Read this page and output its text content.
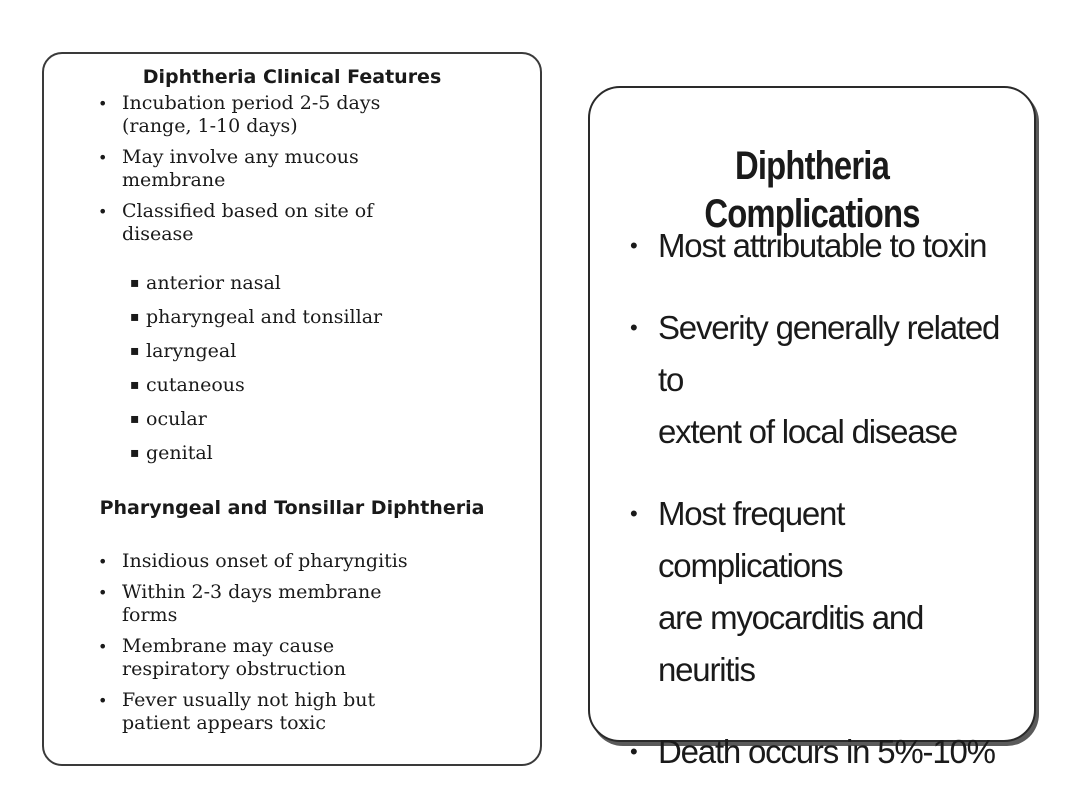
Diphtheria Clinical Features
• Incubation period 2-5 days
(range, 1-10 days)
• May involve any mucous
membrane
• Classified based on site of
disease
▪ anterior nasal
▪ pharyngeal and tonsillar
▪ laryngeal
▪ cutaneous
▪ ocular
▪ genital
Pharyngeal and Tonsillar Diphtheria
• Insidious onset of pharyngitis
• Within 2-3 days membrane
forms
• Membrane may cause
respiratory obstruction
• Fever usually not high but
patient appears toxic
Diphtheria Complications
• Most attributable to toxin
• Severity generally related to
extent of local disease
• Most frequent complications
are myocarditis and neuritis
• Death occurs in 5%-10%
